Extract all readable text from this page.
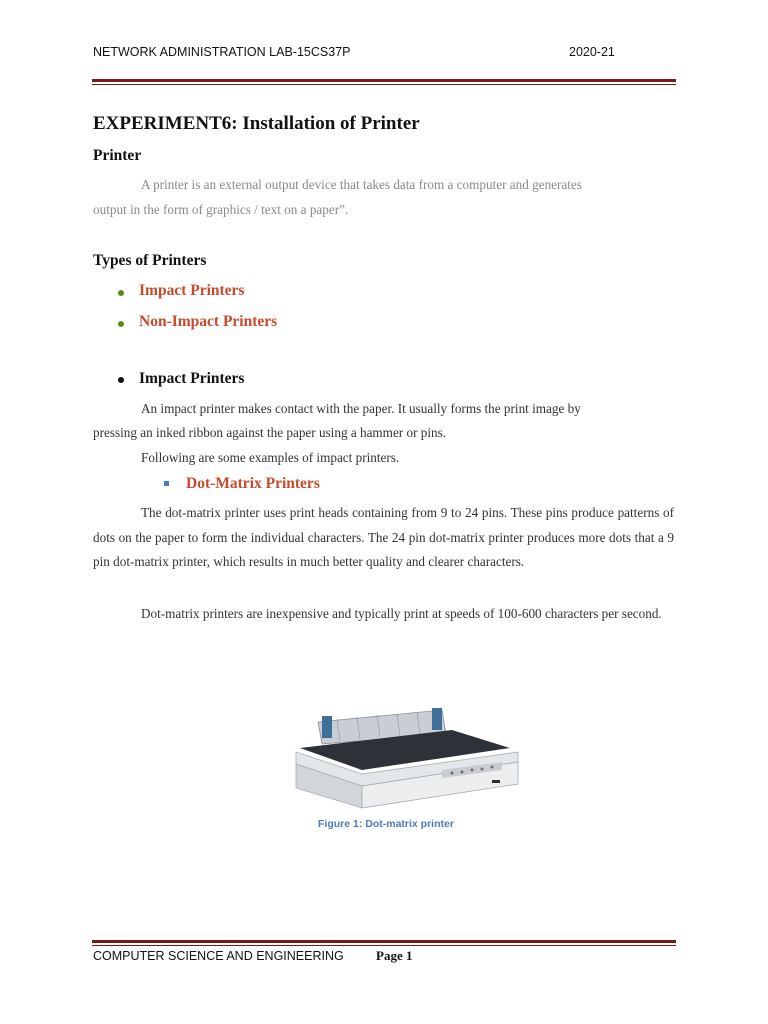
NETWORK ADMINISTRATION LAB-15CS37P	2020-21
EXPERIMENT6: Installation of Printer
Printer
A printer is an external output device that takes data from a computer and generates
output in the form of graphics / text on a paper”.
Types of Printers
Impact Printers
Non-Impact Printers
Impact Printers
An impact printer makes contact with the paper. It usually forms the print image by
pressing an inked ribbon against the paper using a hammer or pins.
Following are some examples of impact printers.
Dot-Matrix Printers
The dot-matrix printer uses print heads containing from 9 to 24 pins. These pins produce patterns of dots on the paper to form the individual characters. The 24 pin dot-matrix printer produces more dots that a 9 pin dot-matrix printer, which results in much better quality and clearer characters.
Dot-matrix printers are inexpensive and typically print at speeds of 100-600 characters per second.
Figure 1: Dot-matrix printer
COMPUTER SCIENCE AND ENGINEERING Page 1
